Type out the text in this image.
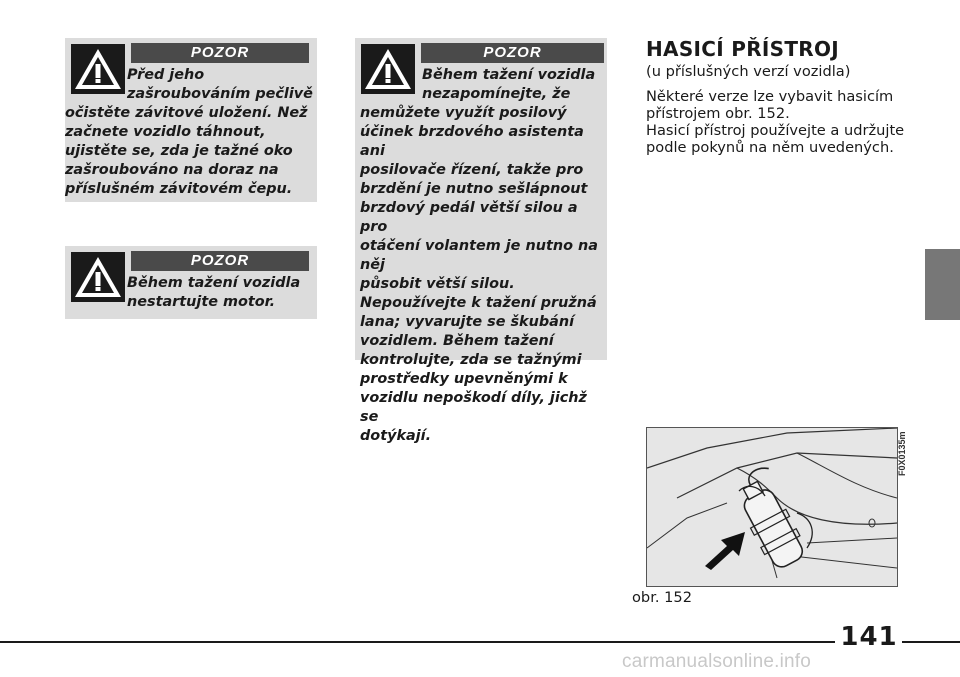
POZOR
Před jeho
zašroubováním pečlivě
očistěte závitové uložení. Než
začnete vozidlo táhnout,
ujistěte se, zda je tažné oko
zašroubováno na doraz na
příslušném závitovém čepu.
POZOR
Během tažení vozidla
nestartujte motor.
POZOR
Během tažení vozidla
nezapomínejte, že
nemůžete využít posilový
účinek brzdového asistenta ani
posilovače řízení, takže pro
brzdění je nutno sešlápnout
brzdový pedál větší silou a pro
otáčení volantem je nutno na něj
působit větší silou.
Nepoužívejte k tažení pružná
lana; vyvarujte se škubání
vozidlem. Během tažení
kontrolujte, zda se tažnými
prostředky upevněnými k
vozidlu nepoškodí díly, jichž se
dotýkají.
HASICÍ PŘÍSTROJ

(u příslušných verzí vozidla)

Některé verze lze vybavit hasicím přístrojem obr. 152.

Hasicí přístroj používejte a udržujte podle pokynů na něm uvedených.

F0X0135m

obr. 152

141
carmanualsonline.info
